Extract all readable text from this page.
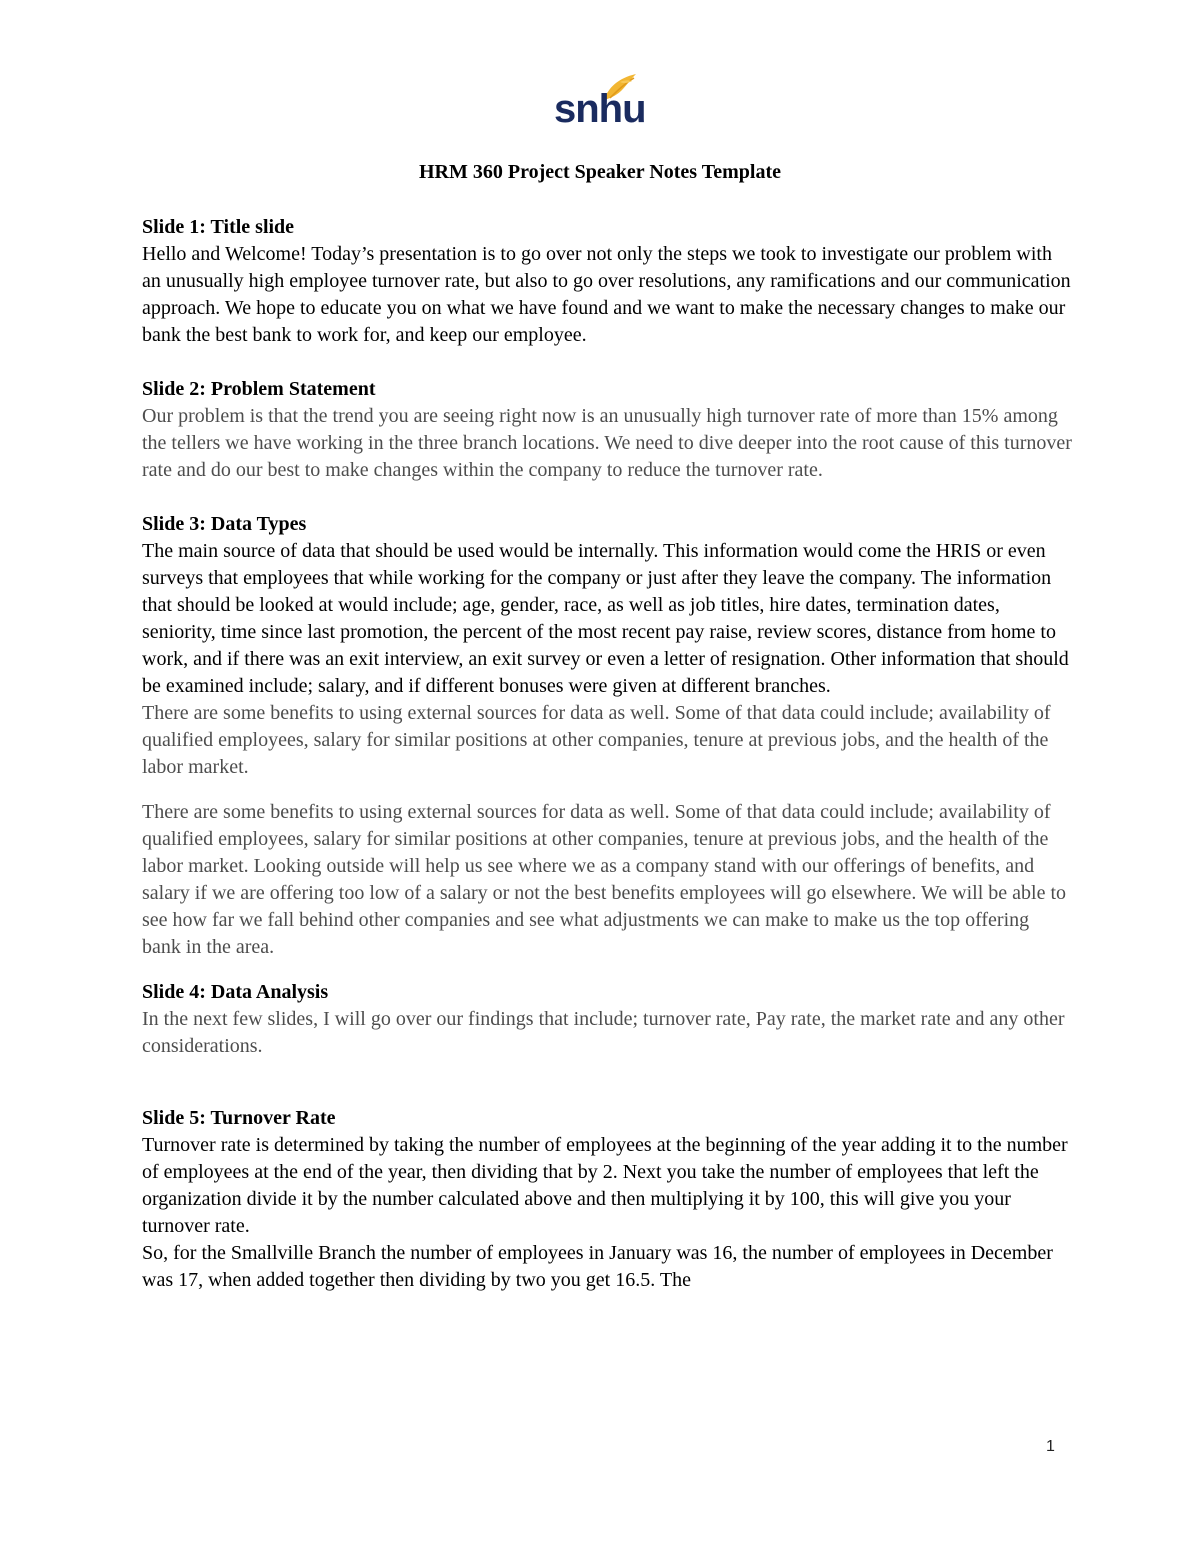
snhu
HRM 360 Project Speaker Notes Template

Slide 1: Title slide

Hello and Welcome! Today’s presentation is to go over not only the steps we took to investigate our problem with an unusually high employee turnover rate, but also to go over resolutions, any ramifications and our communication approach. We hope to educate you on what we have found and we want to make the necessary changes to make our bank the best bank to work for, and keep our employee.

Slide 2: Problem Statement

Our problem is that the trend you are seeing right now is an unusually high turnover rate of more than 15% among the tellers we have working in the three branch locations. We need to dive deeper into the root cause of this turnover rate and do our best to make changes within the company to reduce the turnover rate.

Slide 3: Data Types

The main source of data that should be used would be internally. This information would come the HRIS or even surveys that employees that while working for the company or just after they leave the company. The information that should be looked at would include; age, gender, race, as well as job titles, hire dates, termination dates, seniority, time since last promotion, the percent of the most recent pay raise, review scores, distance from home to work, and if there was an exit interview, an exit survey or even a letter of resignation. Other information that should be examined include; salary, and if different bonuses were given at different branches.

There are some benefits to using external sources for data as well. Some of that data could include; availability of qualified employees, salary for similar positions at other companies, tenure at previous jobs, and the health of the labor market.

There are some benefits to using external sources for data as well. Some of that data could include; availability of qualified employees, salary for similar positions at other companies, tenure at previous jobs, and the health of the labor market. Looking outside will help us see where we as a company stand with our offerings of benefits, and salary if we are offering too low of a salary or not the best benefits employees will go elsewhere. We will be able to see how far we fall behind other companies and see what adjustments we can make to make us the top offering bank in the area.

Slide 4: Data Analysis

In the next few slides, I will go over our findings that include; turnover rate, Pay rate, the market rate and any other considerations.

Slide 5: Turnover Rate

Turnover rate is determined by taking the number of employees at the beginning of the year adding it to the number of employees at the end of the year, then dividing that by 2. Next you take the number of employees that left the organization divide it by the number calculated above and then multiplying it by 100, this will give you your turnover rate.

So, for the Smallville Branch the number of employees in January was 16, the number of employees in December was 17, when added together then dividing by two you get 16.5. The

1
